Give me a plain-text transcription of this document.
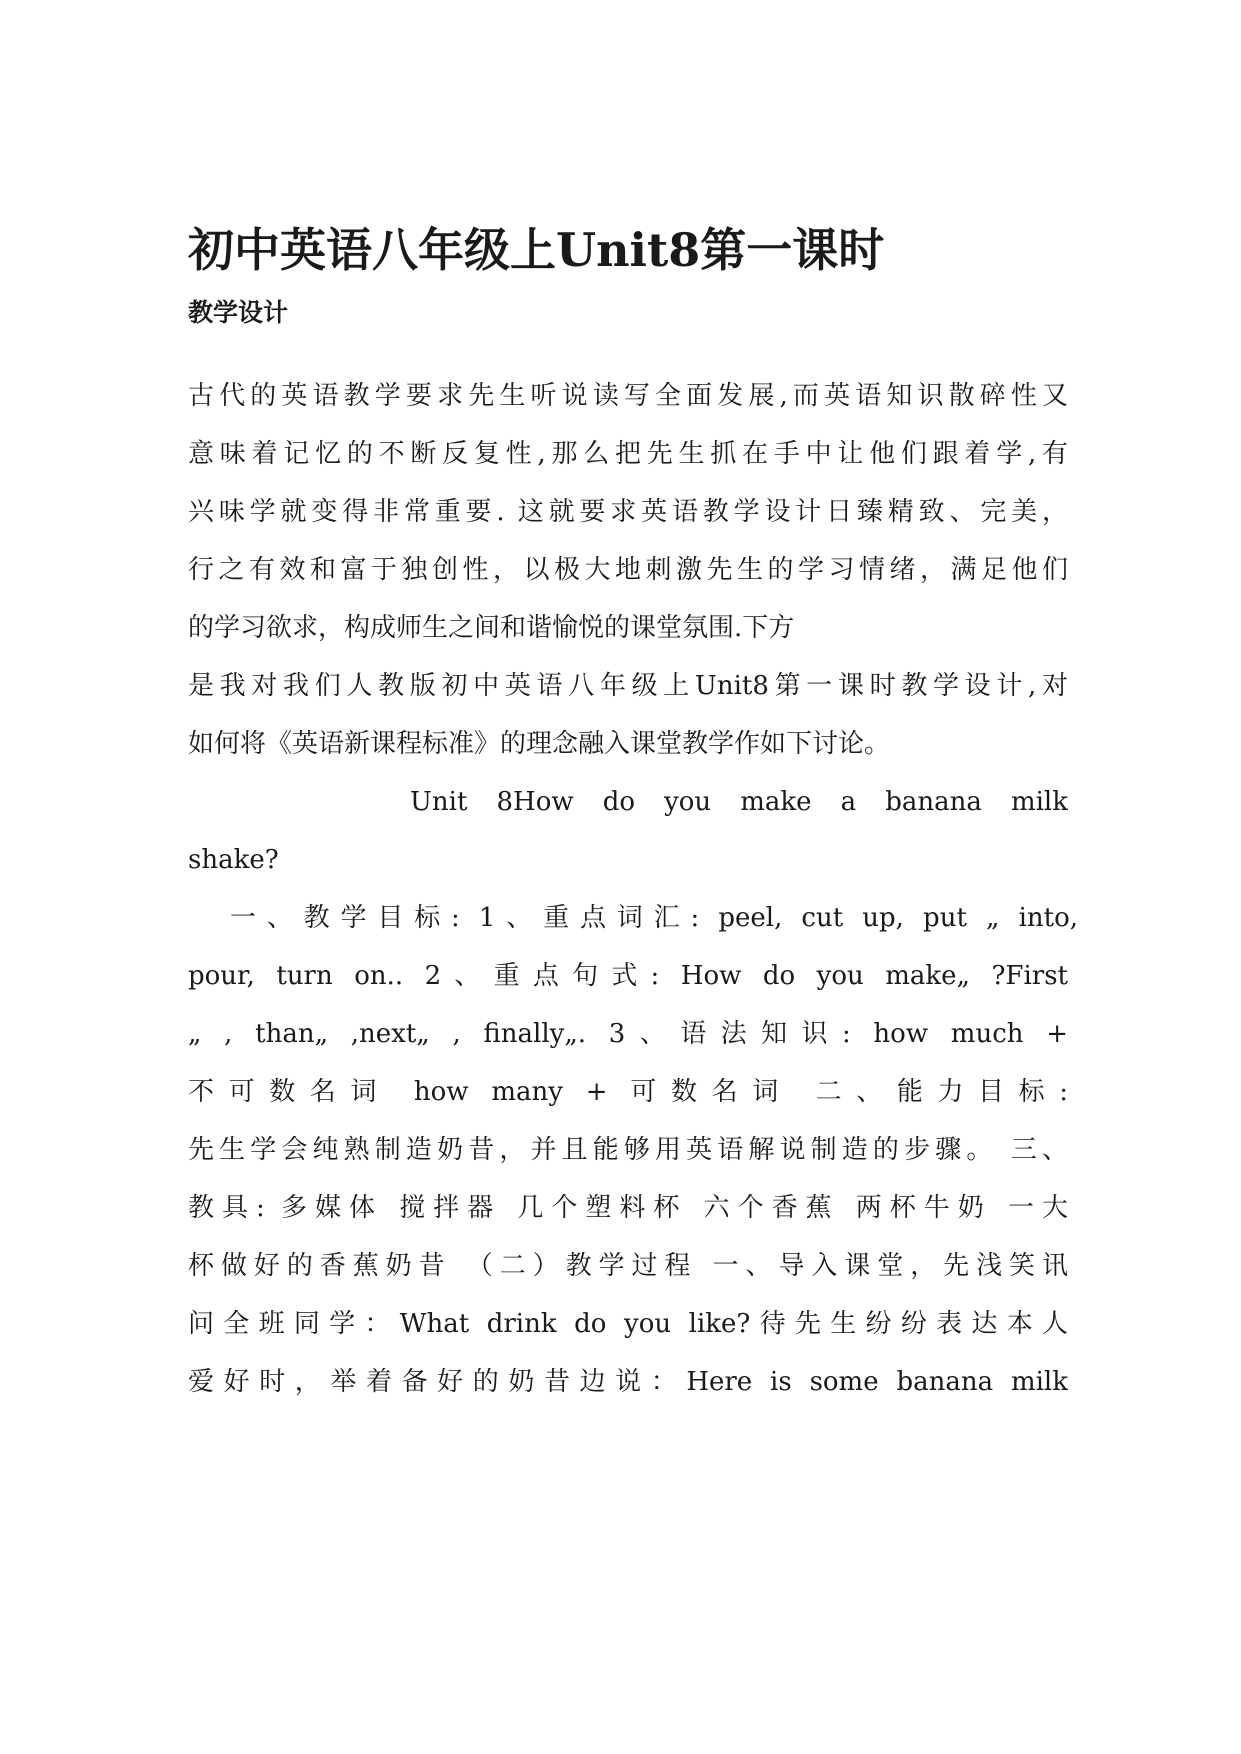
初中英语八年级上Unit8第一课时
教学设计
古代的英语教学要求先生听说读写全面发展,而英语知识散碎性又
意味着记忆的不断反复性,那么把先生抓在手中让他们跟着学,有
兴味学就变得非常重要. 这就要求英语教学设计日臻精致、完美，
行之有效和富于独创性，以极大地刺激先生的学习情绪，满足他们
的学习欲求，构成师生之间和谐愉悦的课堂氛围.下方
是我对我们人教版初中英语八年级上Unit8第一课时教学设计,对
如何将《英语新课程标准》的理念融入课堂教学作如下讨论。
Unit 8How do you make a banana milk
shake?
一、教学目标: 1、重点词汇: peel, cut up, put „ into,
pour, turn on.. 2、重点句式: How do you make„ ?First
„ , than„ ,next„ , finally„. 3、语法知识: how much +
不可数名词 how many + 可数名词 二、能力目标:
先生学会纯熟制造奶昔，并且能够用英语解说制造的步骤。 三、
教具: 多媒体 搅拌器 几个塑料杯 六个香蕉 两杯牛奶 一大
杯做好的香蕉奶昔 （二）教学过程 一、导入课堂，先浅笑讯
问全班同学：What drink do you like?待先生纷纷表达本人
爱好时，举着备好的奶昔边说：Here is some banana milk
